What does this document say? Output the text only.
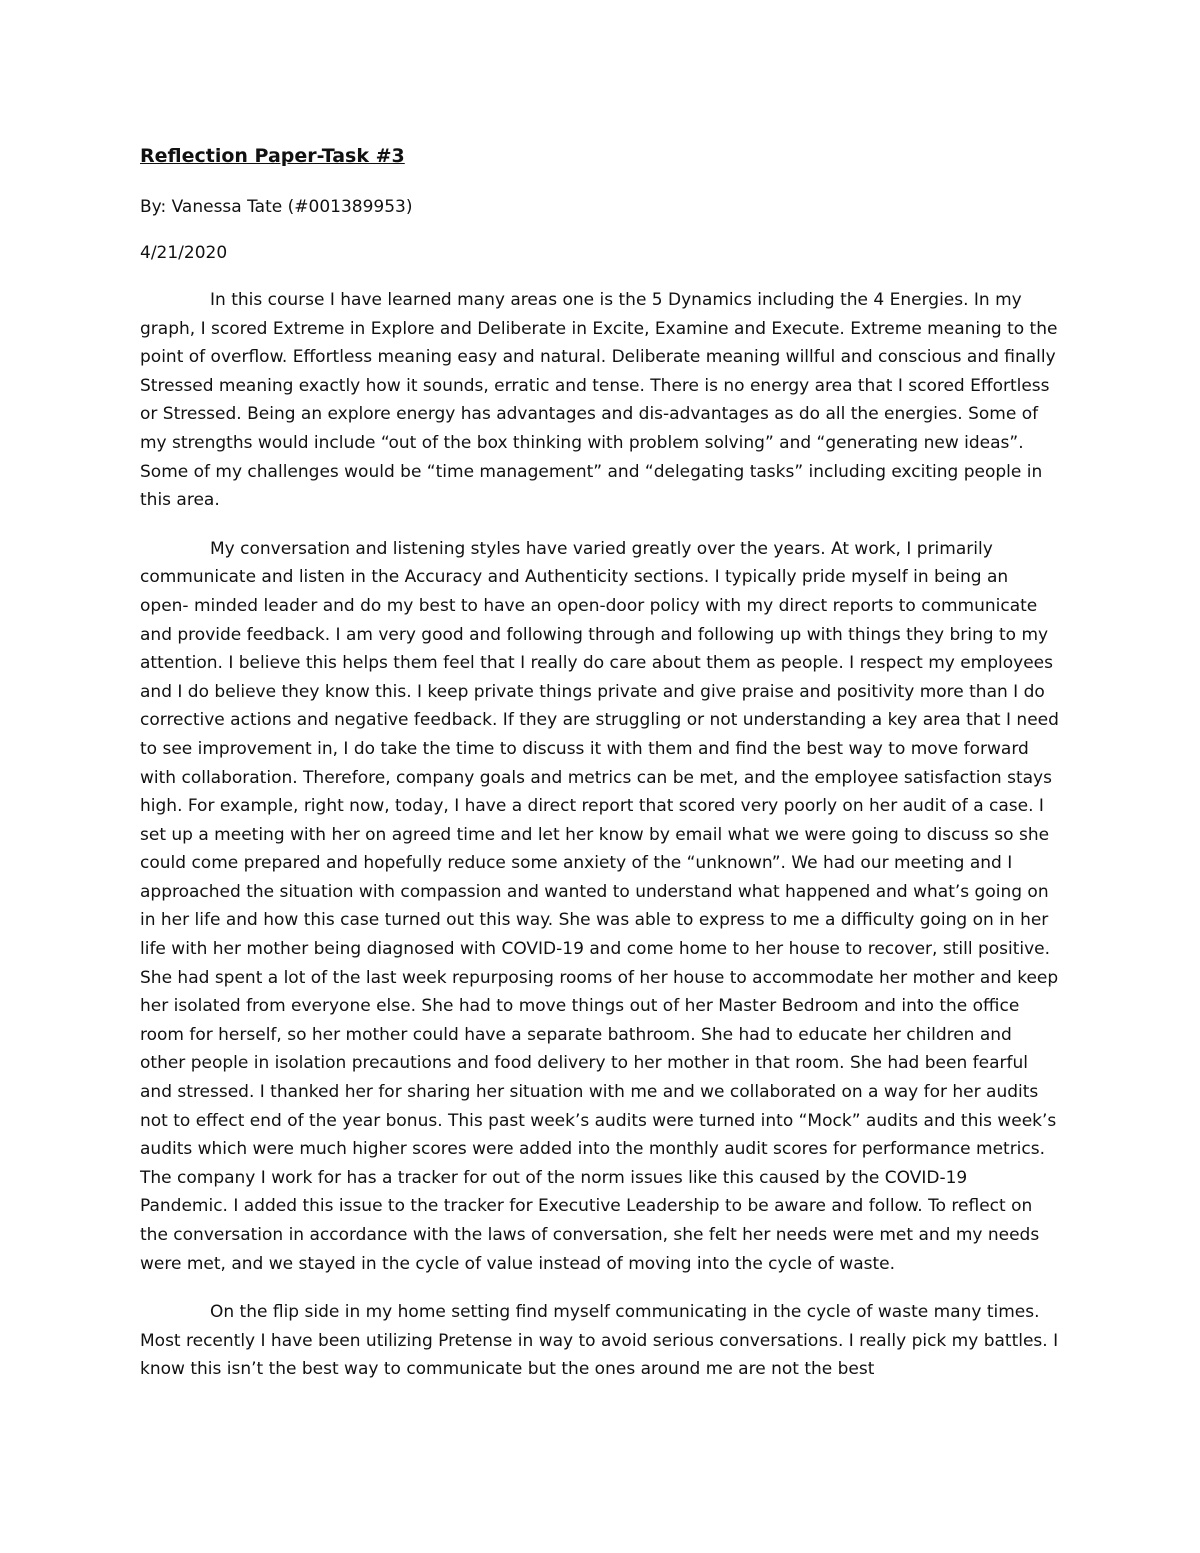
Reflection Paper-Task #3
By: Vanessa Tate (#001389953)
4/21/2020

In this course I have learned many areas one is the 5 Dynamics including the 4 Energies. In my graph, I scored Extreme in Explore and Deliberate in Excite, Examine and Execute. Extreme meaning to the point of overflow. Effortless meaning easy and natural. Deliberate meaning willful and conscious and finally Stressed meaning exactly how it sounds, erratic and tense. There is no energy area that I scored Effortless or Stressed. Being an explore energy has advantages and dis-advantages as do all the energies. Some of my strengths would include “out of the box thinking with problem solving” and “generating new ideas”. Some of my challenges would be “time management” and “delegating tasks” including exciting people in this area.

My conversation and listening styles have varied greatly over the years. At work, I primarily communicate and listen in the Accuracy and Authenticity sections. I typically pride myself in being an open- minded leader and do my best to have an open-door policy with my direct reports to communicate and provide feedback. I am very good and following through and following up with things they bring to my attention. I believe this helps them feel that I really do care about them as people. I respect my employees and I do believe they know this. I keep private things private and give praise and positivity more than I do corrective actions and negative feedback. If they are struggling or not understanding a key area that I need to see improvement in, I do take the time to discuss it with them and find the best way to move forward with collaboration. Therefore, company goals and metrics can be met, and the employee satisfaction stays high. For example, right now, today, I have a direct report that scored very poorly on her audit of a case. I set up a meeting with her on agreed time and let her know by email what we were going to discuss so she could come prepared and hopefully reduce some anxiety of the “unknown”. We had our meeting and I approached the situation with compassion and wanted to understand what happened and what’s going on in her life and how this case turned out this way. She was able to express to me a difficulty going on in her life with her mother being diagnosed with COVID-19 and come home to her house to recover, still positive. She had spent a lot of the last week repurposing rooms of her house to accommodate her mother and keep her isolated from everyone else. She had to move things out of her Master Bedroom and into the office room for herself, so her mother could have a separate bathroom. She had to educate her children and other people in isolation precautions and food delivery to her mother in that room. She had been fearful and stressed. I thanked her for sharing her situation with me and we collaborated on a way for her audits not to effect end of the year bonus. This past week’s audits were turned into “Mock” audits and this week’s audits which were much higher scores were added into the monthly audit scores for performance metrics. The company I work for has a tracker for out of the norm issues like this caused by the COVID-19 Pandemic. I added this issue to the tracker for Executive Leadership to be aware and follow. To reflect on the conversation in accordance with the laws of conversation, she felt her needs were met and my needs were met, and we stayed in the cycle of value instead of moving into the cycle of waste.

On the flip side in my home setting find myself communicating in the cycle of waste many times. Most recently I have been utilizing Pretense in way to avoid serious conversations. I really pick my battles. I know this isn’t the best way to communicate but the ones around me are not the best
